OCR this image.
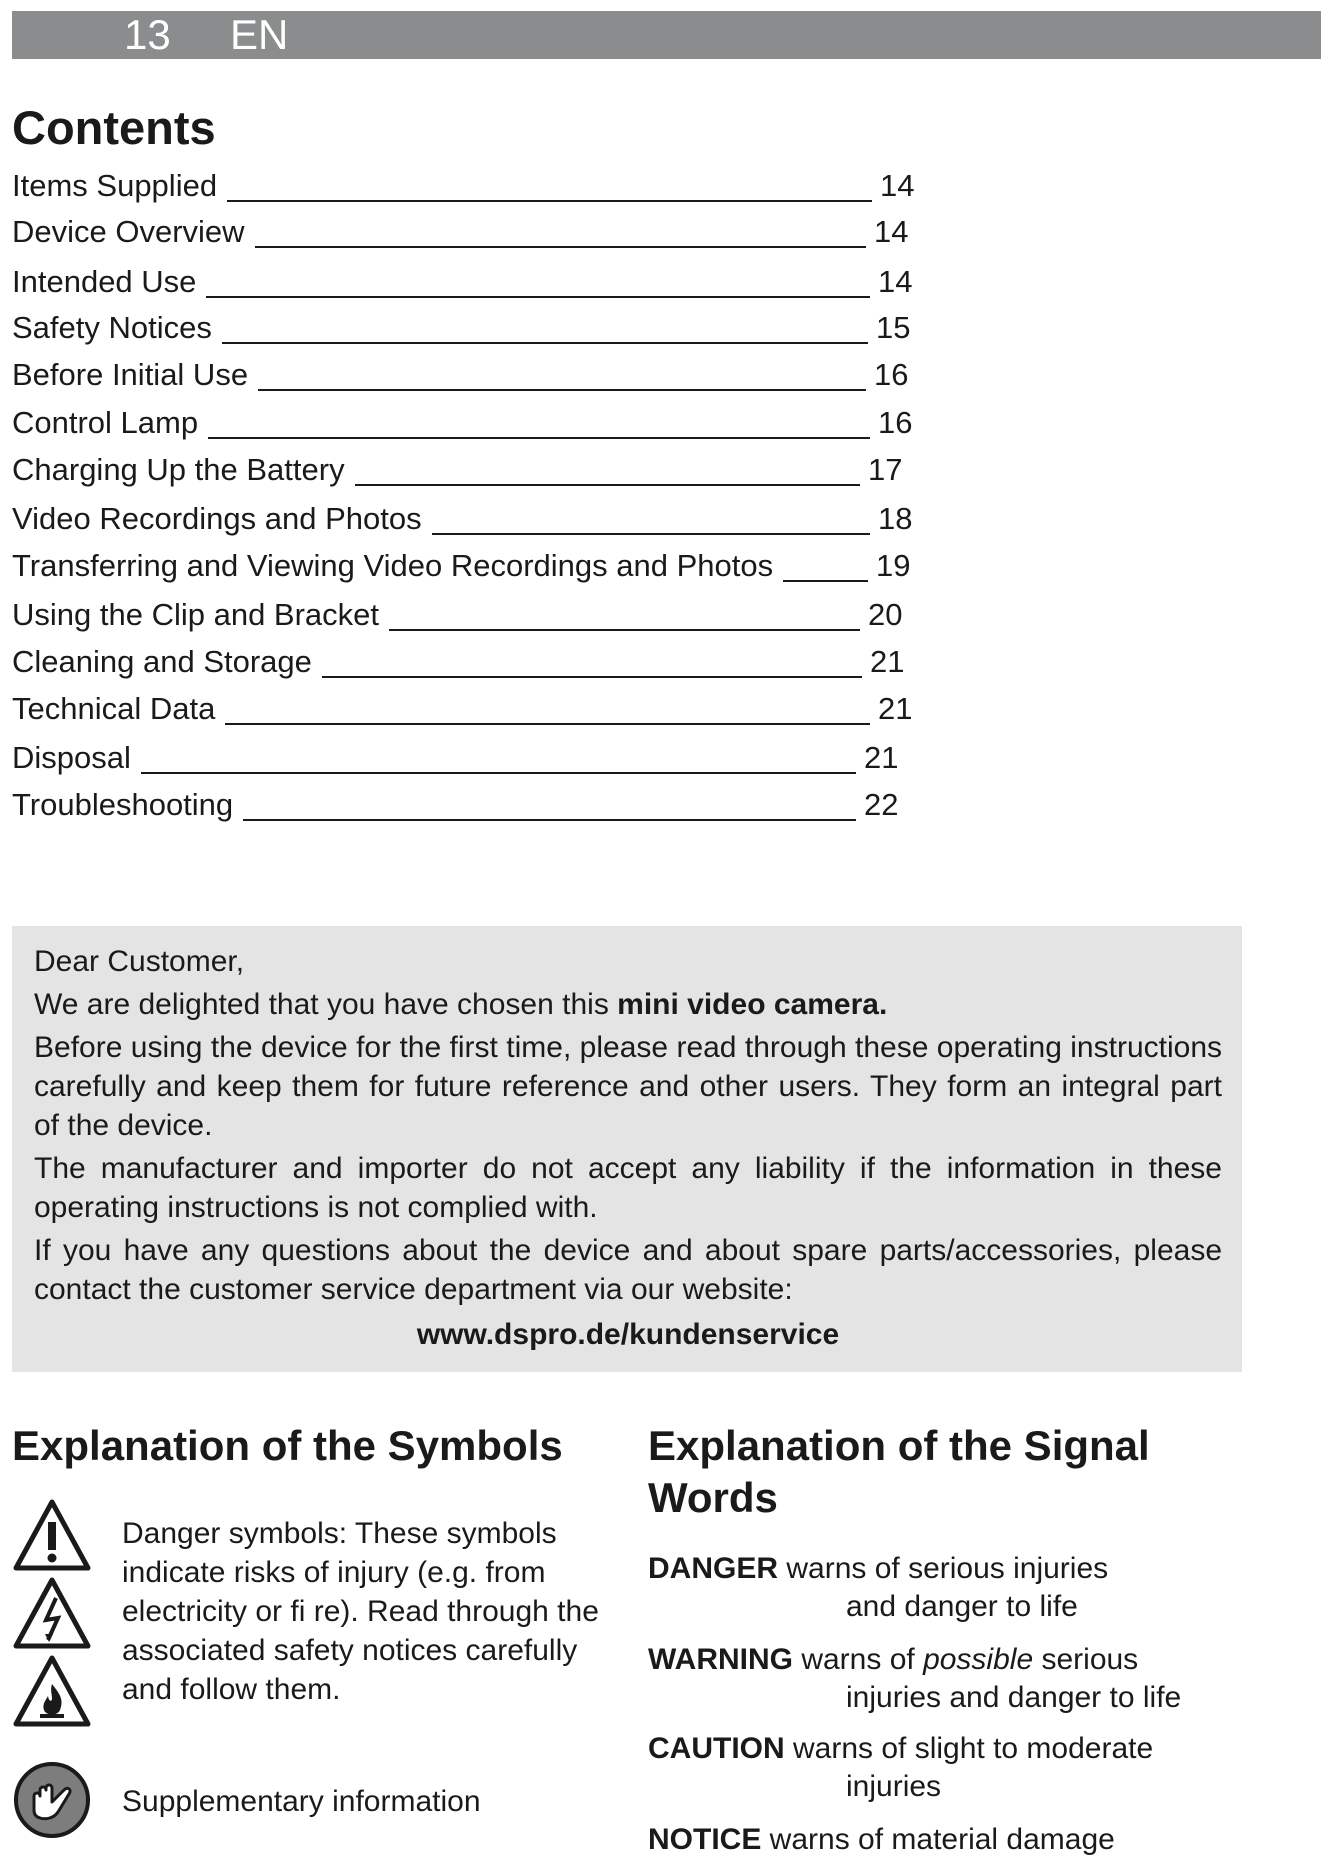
13 EN
Contents
Items Supplied	14
Device Overview	14
Intended Use	14
Safety Notices	15
Before Initial Use	16
Control Lamp	16
Charging Up the Battery	17
Video Recordings and Photos	18
Transferring and Viewing Video Recordings and Photos	19
Using the Clip and Bracket	20
Cleaning and Storage	21
Technical Data	21
Disposal	21
Troubleshooting	22

Dear Customer,

We are delighted that you have chosen this mini video camera.

Before using the device for the first time, please read through these operating instructions carefully and keep them for future reference and other users. They form an integral part of the device.

The manufacturer and importer do not accept any liability if the information in these operating instructions is not complied with.

If you have any questions about the device and about spare parts/accessories, please contact the customer service department via our website:

www.dspro.de/kundenservice

Explanation of the Symbols
Danger symbols: These symbols indicate risks of injury (e.g. from electricity or fi re). Read through the associated safety notices carefully and follow them.
Supplementary information
Explanation of the Signal Words
DANGER warns of serious injuries
and danger to life
WARNING warns of possible serious
injuries and danger to life
CAUTION warns of slight to moderate
injuries
NOTICE warns of material damage
